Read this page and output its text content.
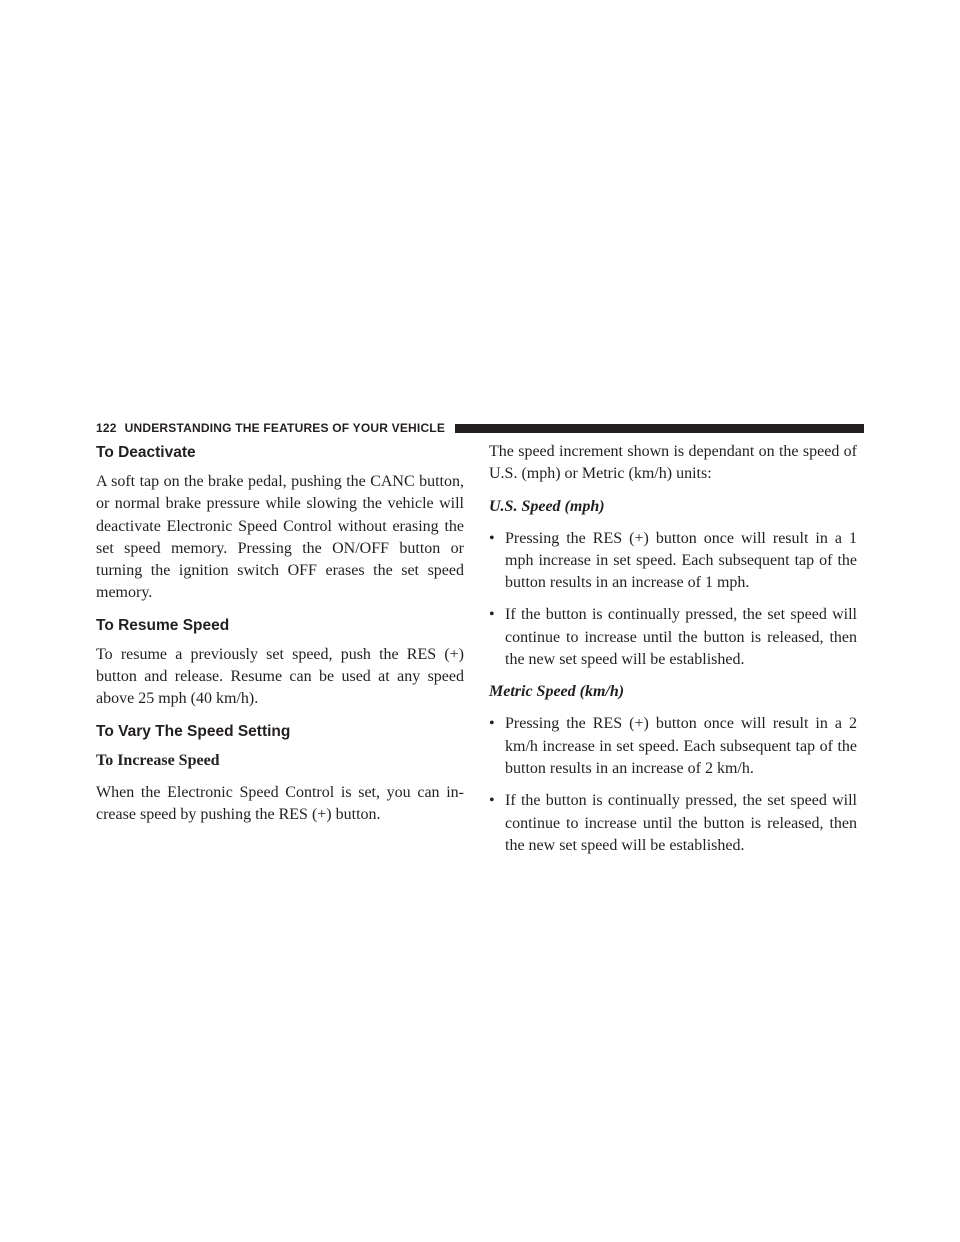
122 UNDERSTANDING THE FEATURES OF YOUR VEHICLE
To Deactivate

A soft tap on the brake pedal, pushing the CANC button, or normal brake pressure while slowing the vehicle will deactivate Electronic Speed Control without erasing the set speed memory. Pressing the ON/OFF button or turning the ignition switch OFF erases the set speed memory.

To Resume Speed

To resume a previously set speed, push the RES (+) button and release. Resume can be used at any speed above 25 mph (40 km/h).

To Vary The Speed Setting

To Increase Speed

When the Electronic Speed Control is set, you can in-crease speed by pushing the RES (+) button.

The speed increment shown is dependant on the speed of U.S. (mph) or Metric (km/h) units:

U.S. Speed (mph)

• Pressing the RES (+) button once will result in a 1 mph increase in set speed. Each subsequent tap of the button results in an increase of 1 mph.

• If the button is continually pressed, the set speed will continue to increase until the button is released, then the new set speed will be established.

Metric Speed (km/h)

• Pressing the RES (+) button once will result in a 2 km/h increase in set speed. Each subsequent tap of the button results in an increase of 2 km/h.

• If the button is continually pressed, the set speed will continue to increase until the button is released, then the new set speed will be established.
